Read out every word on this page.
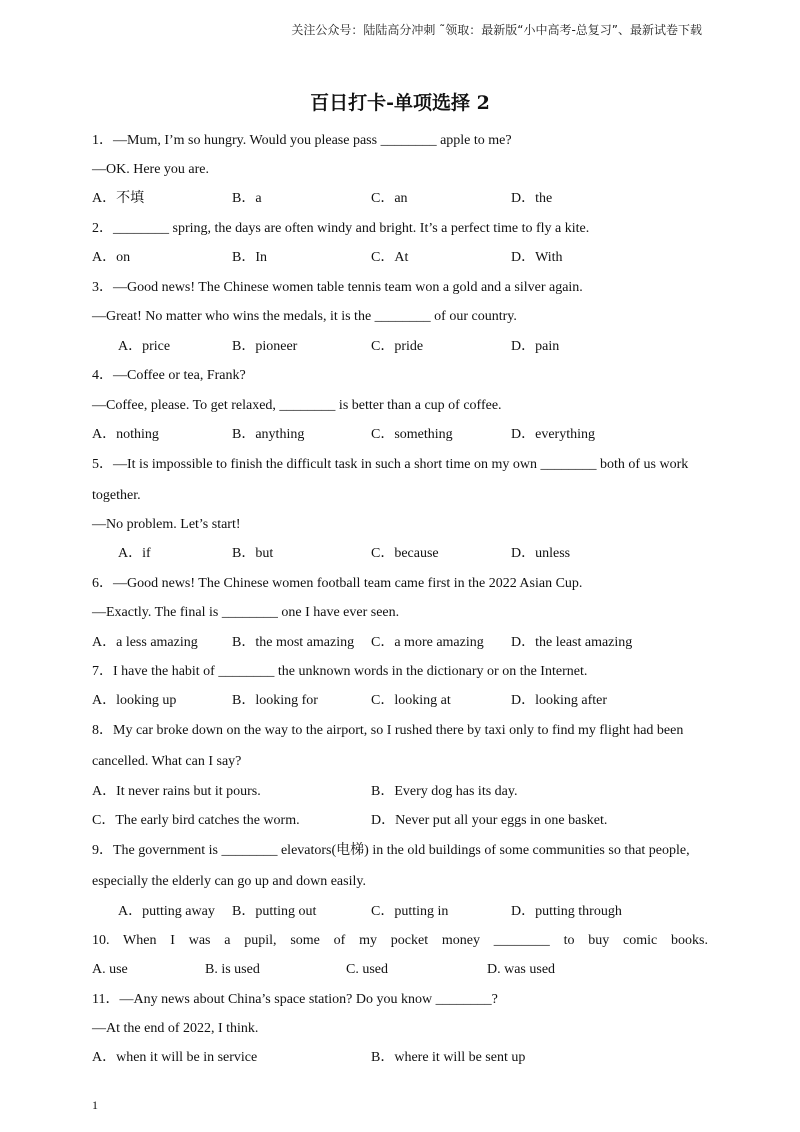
关注公众号：陆陆高分冲刺 ˜领取：最新版“小中高考-总复习”、最新试卷下载
百日打卡-单项选择 2
1．—Mum, I’m so hungry. Would you please pass ________ apple to me?
—OK. Here you are.
A．不填	B．a	C．an	D．the
2．________ spring, the days are often windy and bright. It’s a perfect time to fly a kite.
A．on	B．In	C．At	D．With
3．—Good news! The Chinese women table tennis team won a gold and a silver again.
—Great! No matter who wins the medals, it is the ________ of our country.
A．price	B．pioneer	C．pride	D．pain
4．—Coffee or tea, Frank?
—Coffee, please. To get relaxed, ________ is better than a cup of coffee.
A．nothing	B．anything	C．something	D．everything
5．—It is impossible to finish the difficult task in such a short time on my own ________ both of us work
together.
—No problem. Let’s start!
A．if	B．but	C．because	D．unless
6．—Good news! The Chinese women football team came first in the 2022 Asian Cup.
—Exactly. The final is ________ one I have ever seen.
A．a less amazing B．the most amazing C．a more amazing D．the least amazing
7．I have the habit of ________ the unknown words in the dictionary or on the Internet.
A．looking up	B．looking for	C．looking at	D．looking after
8．My car broke down on the way to the airport, so I rushed there by taxi only to find my flight had been
cancelled. What can I say?
A．It never rains but it pours.	B．Every dog has its day.
C．The early bird catches the worm.	D．Never put all your eggs in one basket.
9．The government is ________ elevators(电梯) in the old buildings of some communities so that people,
especially the elderly can go up and down easily.
A．putting away B．putting out	C．putting in	D．putting through
10. When I was a pupil, some of my pocket money ________ to buy comic books.
A. use	B. is used	C. used	D. was used
11．—Any news about China’s space station? Do you know ________?
—At the end of 2022, I think.
A．when it will be in service	B．where it will be sent up
1
